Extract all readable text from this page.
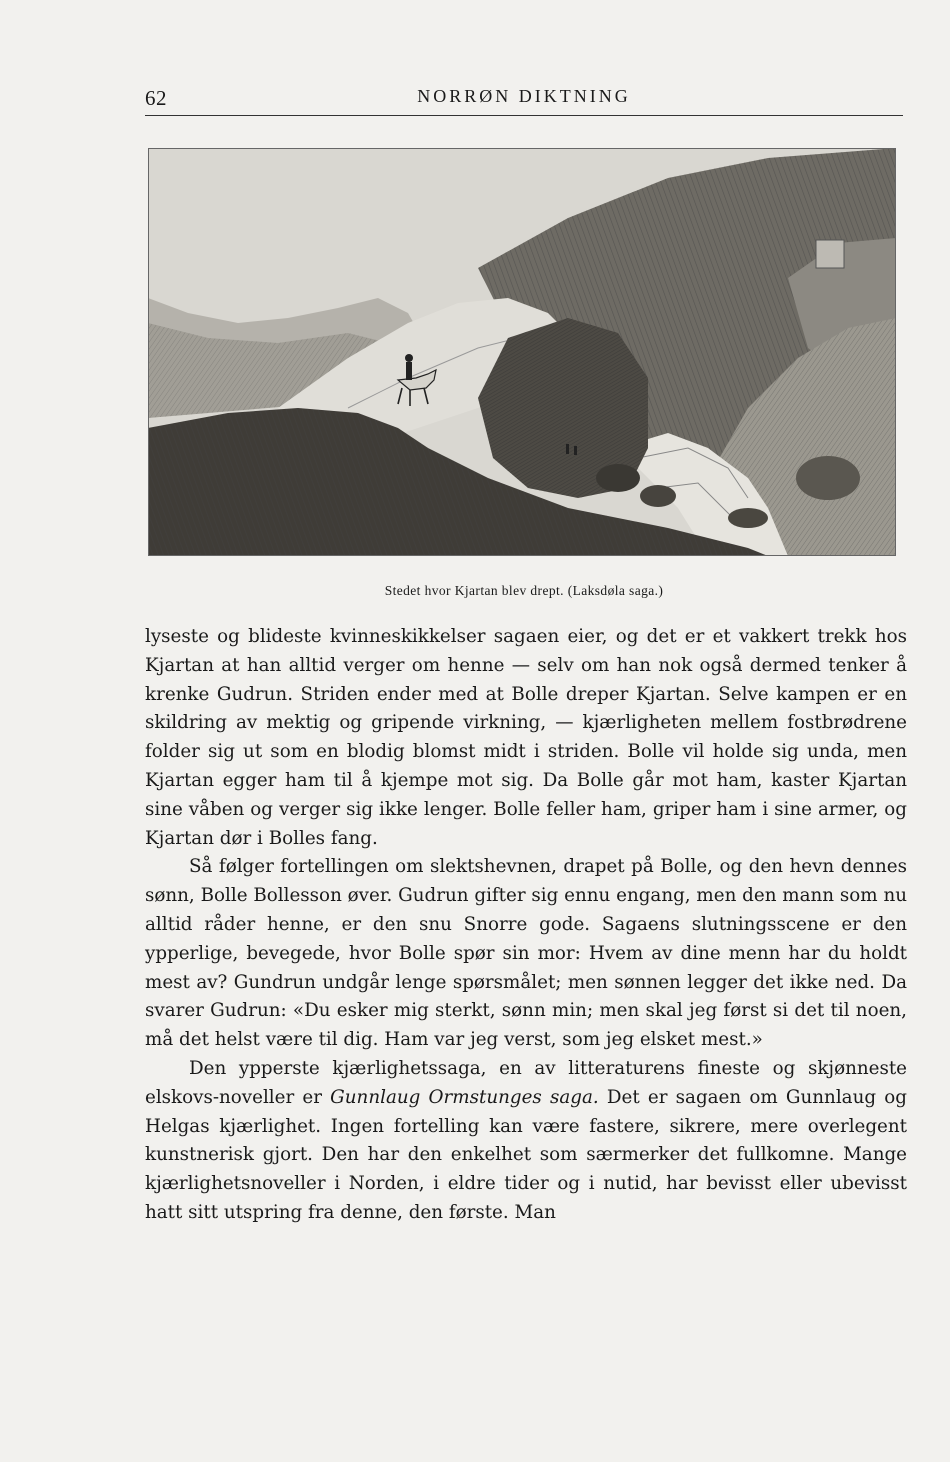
62	NORRØN DIKTNING
Stedet hvor Kjartan blev drept. (Laksdøla saga.)

lyseste og blideste kvinneskikkelser sagaen eier, og det er et vakkert trekk hos Kjartan at han alltid verger om henne — selv om han nok også dermed tenker å krenke Gudrun. Striden ender med at Bolle dreper Kjartan. Selve kampen er en skildring av mektig og gripende virkning, — kjærligheten mellem fostbrødrene folder sig ut som en blodig blomst midt i striden. Bolle vil holde sig unda, men Kjartan egger ham til å kjempe mot sig. Da Bolle går mot ham, kaster Kjartan sine våben og verger sig ikke lenger. Bolle feller ham, griper ham i sine armer, og Kjartan dør i Bolles fang.

Så følger fortellingen om slektshevnen, drapet på Bolle, og den hevn dennes sønn, Bolle Bollesson øver. Gudrun gifter sig ennu engang, men den mann som nu alltid råder henne, er den snu Snorre gode. Sagaens slutningsscene er den ypperlige, bevegede, hvor Bolle spør sin mor: Hvem av dine menn har du holdt mest av? Gundrun undgår lenge spørsmålet; men sønnen legger det ikke ned. Da svarer Gudrun: «Du esker mig sterkt, sønn min; men skal jeg først si det til noen, må det helst være til dig. Ham var jeg verst, som jeg elsket mest.»

Den ypperste kjærlighetssaga, en av litteraturens fineste og skjønneste elskovs-noveller er Gunnlaug Ormstunges saga. Det er sagaen om Gunnlaug og Helgas kjærlighet. Ingen fortelling kan være fastere, sikrere, mere overlegent kunstnerisk gjort. Den har den enkelhet som særmerker det fullkomne. Mange kjærlighetsnoveller i Norden, i eldre tider og i nutid, har bevisst eller ubevisst hatt sitt utspring fra denne, den første. Man
